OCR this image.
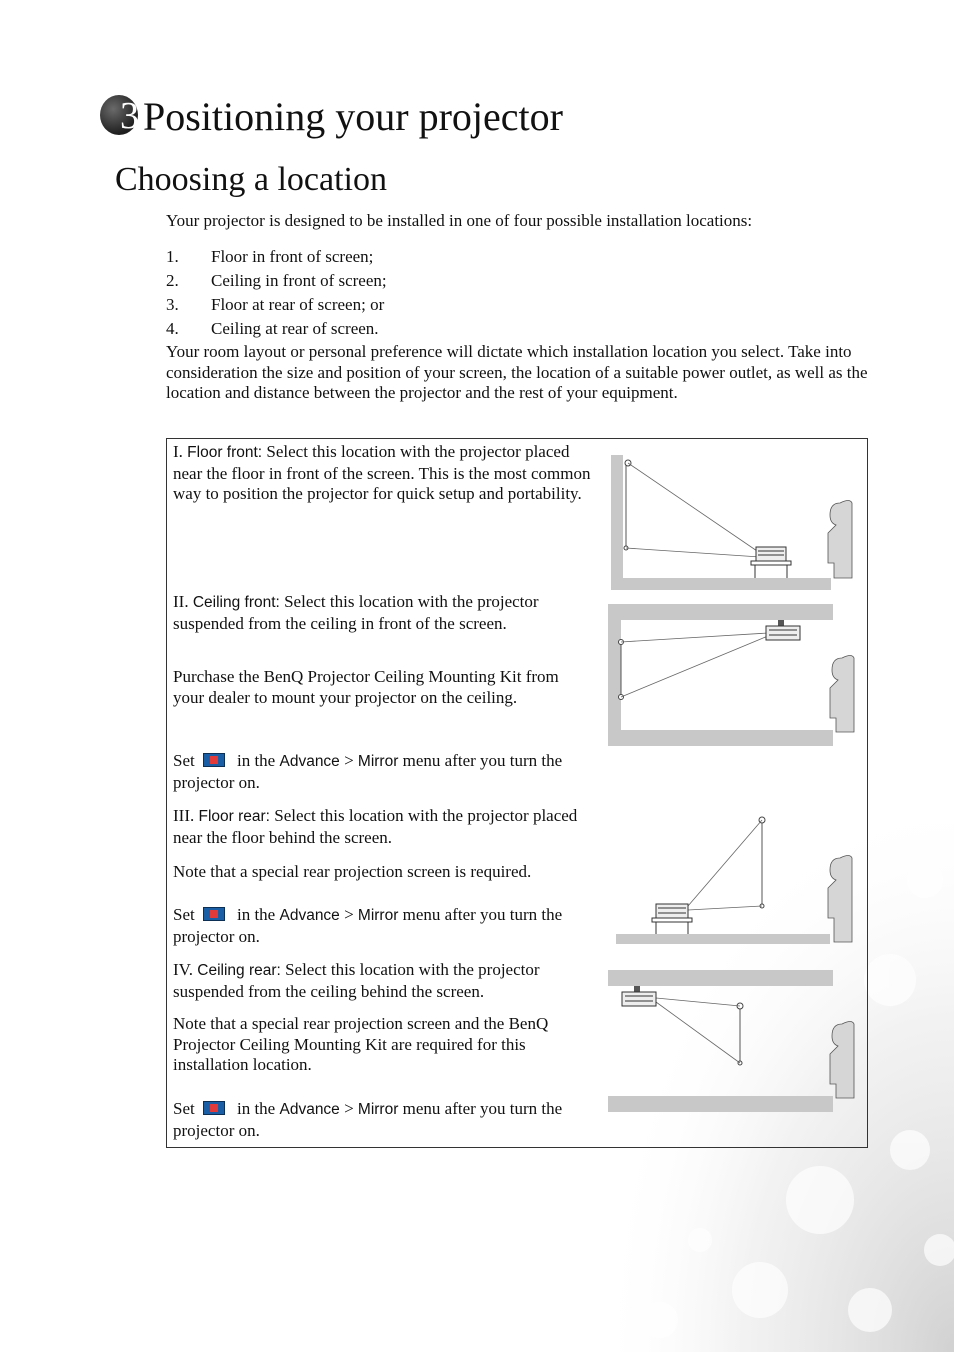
3 Positioning your projector
Choosing a location

Your projector is designed to be installed in one of four possible installation locations:

1. Floor in front of screen;
2. Ceiling in front of screen;
3. Floor at rear of screen; or
4. Ceiling at rear of screen.

Your room layout or personal preference will dictate which installation location you select. Take into consideration the size and position of your screen, the location of a suitable power outlet, as well as the location and distance between the projector and the rest of your equipment.

I. Floor front: Select this location with the projector placed near the floor in front of the screen. This is the most common way to position the projector for quick setup and portability.

II. Ceiling front: Select this location with the projector suspended from the ceiling in front of the screen.

Purchase the BenQ Projector Ceiling Mounting Kit from your dealer to mount your projector on the ceiling.

Set in the Advance > Mirror menu after you turn the projector on.

III. Floor rear: Select this location with the projector placed near the floor behind the screen.

Note that a special rear projection screen is required.

Set in the Advance > Mirror menu after you turn the projector on.

IV. Ceiling rear: Select this location with the projector suspended from the ceiling behind the screen.

Note that a special rear projection screen and the BenQ Projector Ceiling Mounting Kit are required for this installation location.

Set in the Advance > Mirror menu after you turn the projector on.
